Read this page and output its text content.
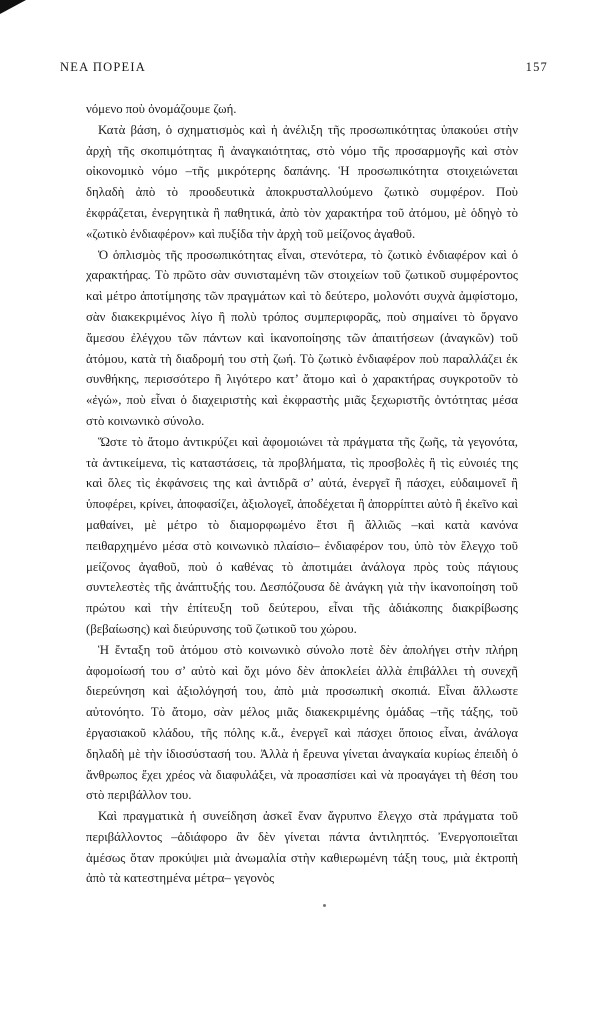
ΝΕΑ ΠΟΡΕΙΑ	157

νόμενο ποὺ ὀνομάζουμε ζωή.

Κατὰ βάση, ὁ σχηματισμὸς καὶ ἡ ἀνέλιξη τῆς προσωπικότητας ὑπακούει στὴν ἀρχὴ τῆς σκοπιμότητας ἢ ἀναγκαιότητας, στὸ νόμο τῆς προσαρμογῆς καὶ στὸν οἰκονομικὸ νόμο –τῆς μικρότερης δαπάνης. Ἡ προσωπικότητα στοιχειώνεται δηλαδὴ ἀπὸ τὸ προοδευτικὰ ἀποκρυσταλλούμενο ζωτικὸ συμφέρον. Ποὺ ἐκφράζεται, ἐνεργητικὰ ἢ παθητικά, ἀπὸ τὸν χαρακτήρα τοῦ ἀτόμου, μὲ ὁδηγὸ τὸ «ζωτικὸ ἐνδιαφέρον» καὶ πυξίδα τὴν ἀρχὴ τοῦ μείζονος ἀγαθοῦ.

Ὁ ὁπλισμὸς τῆς προσωπικότητας εἶναι, στενότερα, τὸ ζωτικὸ ἐνδιαφέρον καὶ ὁ χαρακτήρας. Τὸ πρῶτο σὰν συνισταμένη τῶν στοιχείων τοῦ ζωτικοῦ συμφέροντος καὶ μέτρο ἀποτίμησης τῶν πραγμάτων καὶ τὸ δεύτερο, μολονότι συχνὰ ἀμφίστομο, σὰν διακεκριμένος λίγο ἢ πολὺ τρόπος συμπεριφορᾶς, ποὺ σημαίνει τὸ ὄργανο ἄμεσου ἐλέγχου τῶν πάντων καὶ ἱκανοποίησης τῶν ἀπαιτήσεων (ἀναγκῶν) τοῦ ἀτόμου, κατὰ τὴ διαδρομή του στὴ ζωή. Τὸ ζωτικὸ ἐνδιαφέρον ποὺ παραλλάζει ἐκ συνθήκης, περισσότερο ἢ λιγότερο κατ’ ἄτομο καὶ ὁ χαρακτήρας συγκροτοῦν τὸ «ἐγώ», ποὺ εἶναι ὁ διαχειριστὴς καὶ ἐκφραστὴς μιᾶς ξεχωριστῆς ὀντότητας μέσα στὸ κοινωνικὸ σύνολο.

Ὥστε τὸ ἄτομο ἀντικρύζει καὶ ἀφομοιώνει τὰ πράγματα τῆς ζωῆς, τὰ γεγονότα, τὰ ἀντικείμενα, τὶς καταστάσεις, τὰ προβλήματα, τὶς προσβολὲς ἢ τὶς εὐνοιές της καὶ ὅλες τὶς ἐκφάνσεις της καὶ ἀντιδρᾶ σ’ αὐτά, ἐνεργεῖ ἢ πάσχει, εὐδαιμονεῖ ἢ ὑποφέρει, κρίνει, ἀποφασίζει, ἀξιολογεῖ, ἀποδέχεται ἢ ἀπορρίπτει αὐτὸ ἢ ἐκεῖνο καὶ μαθαίνει, μὲ μέτρο τὸ διαμορφωμένο ἔτσι ἢ ἄλλιῶς –καὶ κατὰ κανόνα πειθαρχημένο μέσα στὸ κοινωνικὸ πλαίσιο– ἐνδιαφέρον του, ὑπὸ τὸν ἔλεγχο τοῦ μείζονος ἀγαθοῦ, ποὺ ὁ καθένας τὸ ἀποτιμάει ἀνάλογα πρὸς τοὺς πάγιους συντελεστὲς τῆς ἀνάπτυξής του. Δεσπόζουσα δὲ ἀνάγκη γιὰ τὴν ἱκανοποίηση τοῦ πρώτου καὶ τὴν ἐπίτευξη τοῦ δεύτερου, εἶναι τῆς ἀδιάκοπης διακρίβωσης (βεβαίωσης) καὶ διεύρυνσης τοῦ ζωτικοῦ του χώρου.

Ἡ ἔνταξη τοῦ ἀτόμου στὸ κοινωνικὸ σύνολο ποτὲ δὲν ἀπολήγει στὴν πλήρη ἀφομοίωσή του σ’ αὐτὸ καὶ ὄχι μόνο δὲν ἀποκλείει ἀλλὰ ἐπιβάλλει τὴ συνεχῆ διερεύνηση καὶ ἀξιολόγησή του, ἀπὸ μιὰ προσωπικὴ σκοπιά. Εἶναι ἄλλωστε αὐτονόητο. Τὸ ἄτομο, σὰν μέλος μιᾶς διακεκριμένης ὁμάδας –τῆς τάξης, τοῦ ἐργασιακοῦ κλάδου, τῆς πόλης κ.ἄ., ἐνεργεῖ καὶ πάσχει ὅποιος εἶναι, ἀνάλογα δηλαδὴ μὲ τὴν ἰδιοσύστασή του. Ἀλλὰ ἡ ἔρευνα γίνεται ἀναγκαία κυρίως ἐπειδὴ ὁ ἄνθρωπος ἔχει χρέος νὰ διαφυλάξει, νὰ προασπίσει καὶ νὰ προαγάγει τὴ θέση του στὸ περιβάλλον του.

Καὶ πραγματικὰ ἡ συνείδηση ἀσκεῖ ἕναν ἄγρυπνο ἔλεγχο στὰ πράγματα τοῦ περιβάλλοντος –ἀδιάφορο ἂν δὲν γίνεται πάντα ἀντιληπτός. Ἐνεργοποιεῖται ἀμέσως ὅταν προκύψει μιὰ ἀνωμαλία στὴν καθιερωμένη τάξη τους, μιὰ ἐκτροπὴ ἀπὸ τὰ κατεστημένα μέτρα– γεγονὸς
